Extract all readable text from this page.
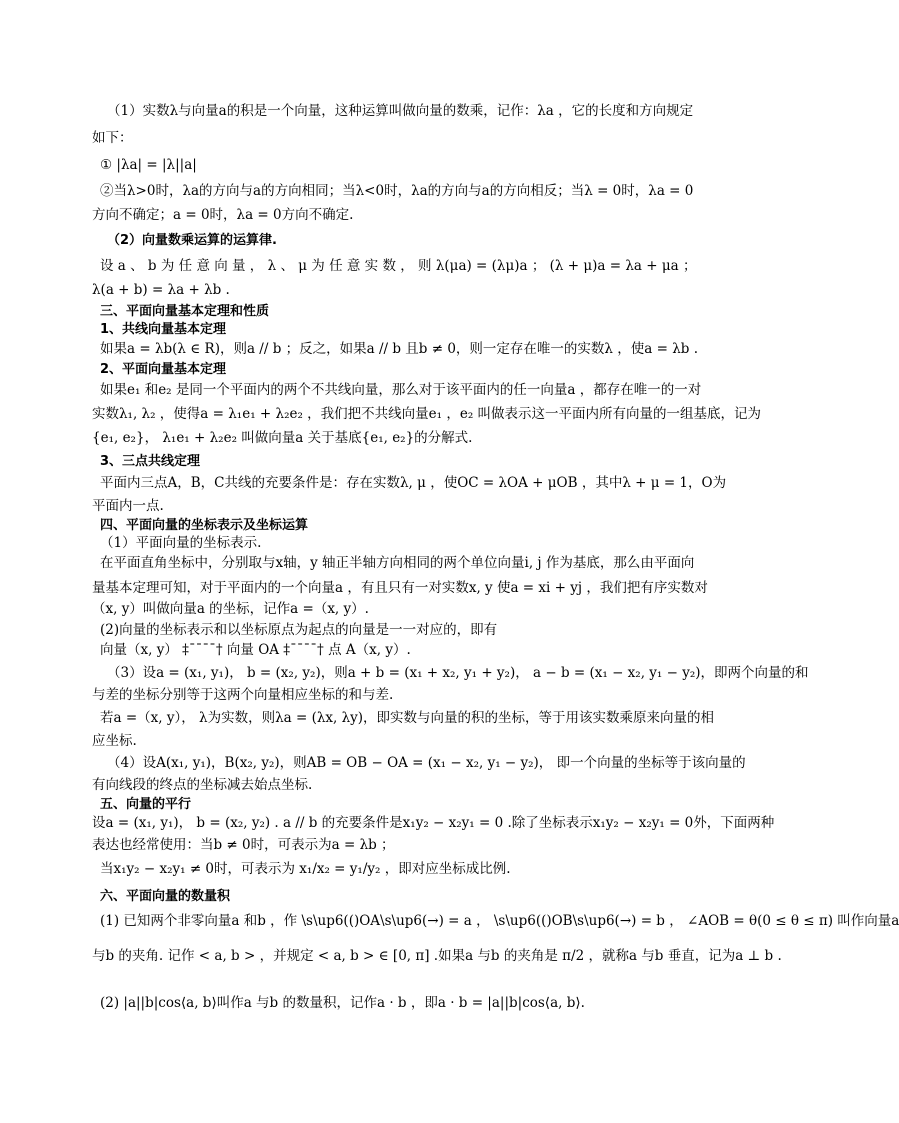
（1）实数λ与向量a的积是一个向量，这种运算叫做向量的数乘，记作：λa ，它的长度和方向规定
如下：
① |λa| = |λ||a|
②当λ>0时，λa的方向与a的方向相同；当λ<0时，λa的方向与a的方向相反；当λ = 0时，λa = 0
方向不确定；a = 0时，λa = 0方向不确定.
（2）向量数乘运算的运算律.
设 a 、 b 为 任 意 向 量 ， λ 、 μ 为 任 意 实 数 ， 则 λ(μa) = (λμ)a ； (λ + μ)a = λa + μa ；
λ(a + b) = λa + λb .
三、平面向量基本定理和性质
1、共线向量基本定理
如果a = λb(λ ∈ R)，则a // b ；反之，如果a // b 且b ≠ 0，则一定存在唯一的实数λ ，使a = λb .
2、平面向量基本定理
如果e₁ 和e₂ 是同一个平面内的两个不共线向量，那么对于该平面内的任一向量a ，都存在唯一的一对
实数λ₁, λ₂ ，使得a = λ₁e₁ + λ₂e₂ ，我们把不共线向量e₁ ，e₂ 叫做表示这一平面内所有向量的一组基底，记为
{e₁, e₂}， λ₁e₁ + λ₂e₂ 叫做向量a 关于基底{e₁, e₂}的分解式.
3、三点共线定理
平面内三点A，B，C共线的充要条件是：存在实数λ, μ ，使OC = λOA + μOB ，其中λ + μ = 1，O为
平面内一点.
四、平面向量的坐标表示及坐标运算
（1）平面向量的坐标表示.
在平面直角坐标中，分别取与x轴，y 轴正半轴方向相同的两个单位向量i, j 作为基底，那么由平面向
量基本定理可知，对于平面内的一个向量a ，有且只有一对实数x, y 使a = xi + yj ，我们把有序实数对
（x, y）叫做向量a 的坐标，记作a =（x, y）.
(2)向量的坐标表示和以坐标原点为起点的向量是一一对应的，即有
向量（x, y） ‡ˉˉˉˉ† 向量 OA ‡ˉˉˉˉ† 点 A（x, y）.
（3）设a = (x₁, y₁)， b = (x₂, y₂)，则a + b = (x₁ + x₂, y₁ + y₂)， a − b = (x₁ − x₂, y₁ − y₂)，即两个向量的和
与差的坐标分别等于这两个向量相应坐标的和与差.
若a =（x, y）， λ为实数，则λa = (λx, λy)，即实数与向量的积的坐标，等于用该实数乘原来向量的相
应坐标.
（4）设A(x₁, y₁)，B(x₂, y₂)，则AB = OB − OA = (x₁ − x₂, y₁ − y₂)， 即一个向量的坐标等于该向量的
有向线段的终点的坐标减去始点坐标.
五、向量的平行
设a = (x₁, y₁)， b = (x₂, y₂) . a // b 的充要条件是x₁y₂ − x₂y₁ = 0 .除了坐标表示x₁y₂ − x₂y₁ = 0外，下面两种
表达也经常使用：当b ≠ 0时，可表示为a = λb ；
当x₁y₂ − x₂y₁ ≠ 0时，可表示为 x₁/x₂ = y₁/y₂ ，即对应坐标成比例.
六、平面向量的数量积
(1) 已知两个非零向量a 和b ，作 \s\up6(()OA\s\up6(→) = a ， \s\up6(()OB\s\up6(→) = b ， ∠AOB = θ(0 ≤ θ ≤ π) 叫作向量a
与b 的夹角. 记作 < a, b > ，并规定 < a, b > ∈ [0, π] .如果a 与b 的夹角是 π/2 ，就称a 与b 垂直，记为a ⊥ b .
(2) |a||b|cos⟨a, b⟩叫作a 与b 的数量积，记作a · b ，即a · b = |a||b|cos⟨a, b⟩.
